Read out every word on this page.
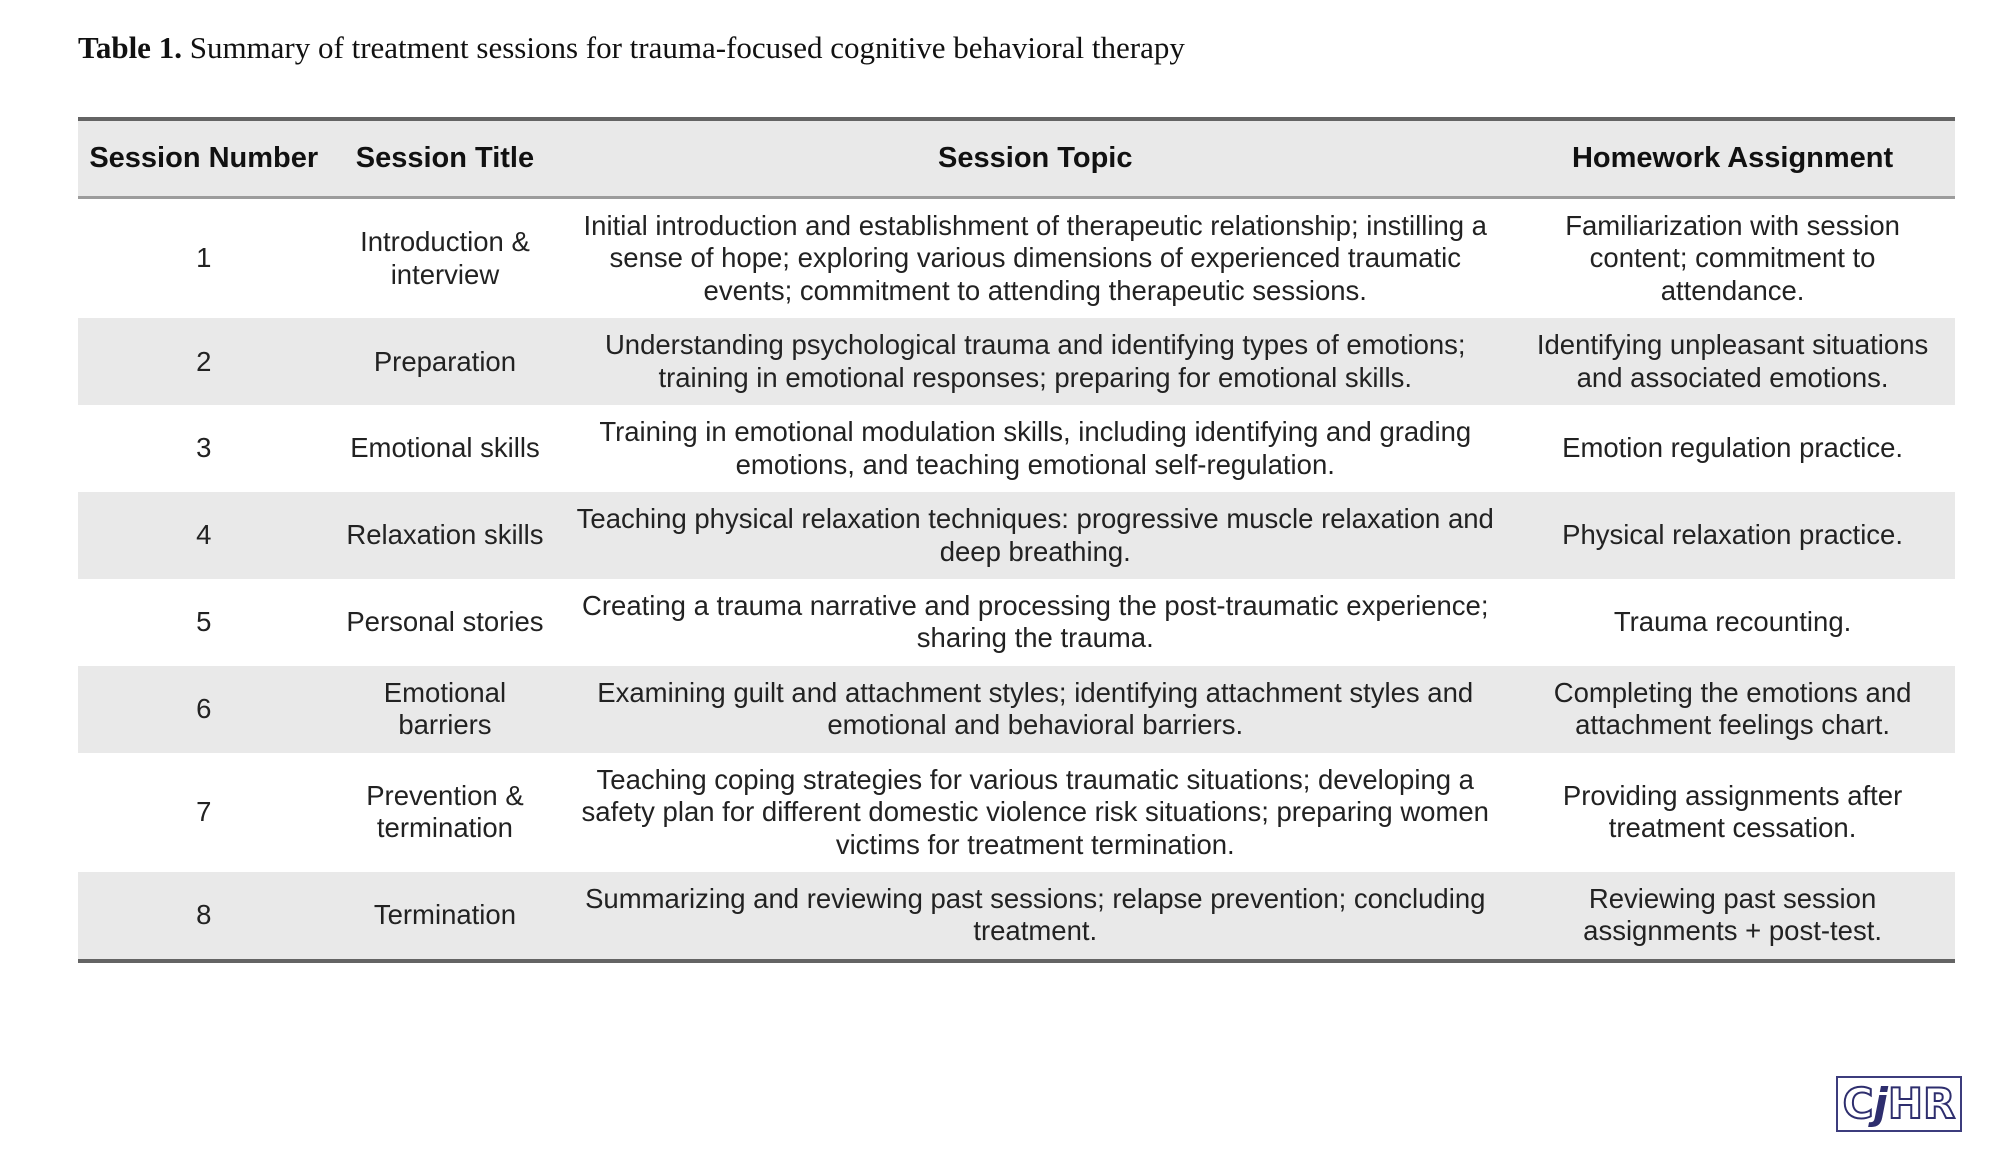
Table 1. Summary of treatment sessions for trauma-focused cognitive behavioral therapy
Session Number	Session Title	Session Topic	Homework Assignment
1	Introduction & interview	Initial introduction and establishment of therapeutic relationship; instilling a sense of hope; exploring various dimensions of experienced traumatic events; commitment to attending therapeutic sessions.	Familiarization with session content; commitment to attendance.
2	Preparation	Understanding psychological trauma and identifying types of emotions; training in emotional responses; preparing for emotional skills.	Identifying unpleasant situations and associated emotions.
3	Emotional skills	Training in emotional modulation skills, including identifying and grading emotions, and teaching emotional self-regulation.	Emotion regulation practice.
4	Relaxation skills	Teaching physical relaxation techniques: progressive muscle relaxation and deep breathing.	Physical relaxation practice.
5	Personal stories	Creating a trauma narrative and processing the post-traumatic experience; sharing the trauma.	Trauma recounting.
6	Emotional barriers	Examining guilt and attachment styles; identifying attachment styles and emotional and behavioral barriers.	Completing the emotions and attachment feelings chart.
7	Prevention & termination	Teaching coping strategies for various traumatic situations; developing a safety plan for different domestic violence risk situations; preparing women victims for treatment termination.	Providing assignments after treatment cessation.
8	Termination	Summarizing and reviewing past sessions; relapse prevention; concluding treatment.	Reviewing past session assignments + post-test.
C j H R
